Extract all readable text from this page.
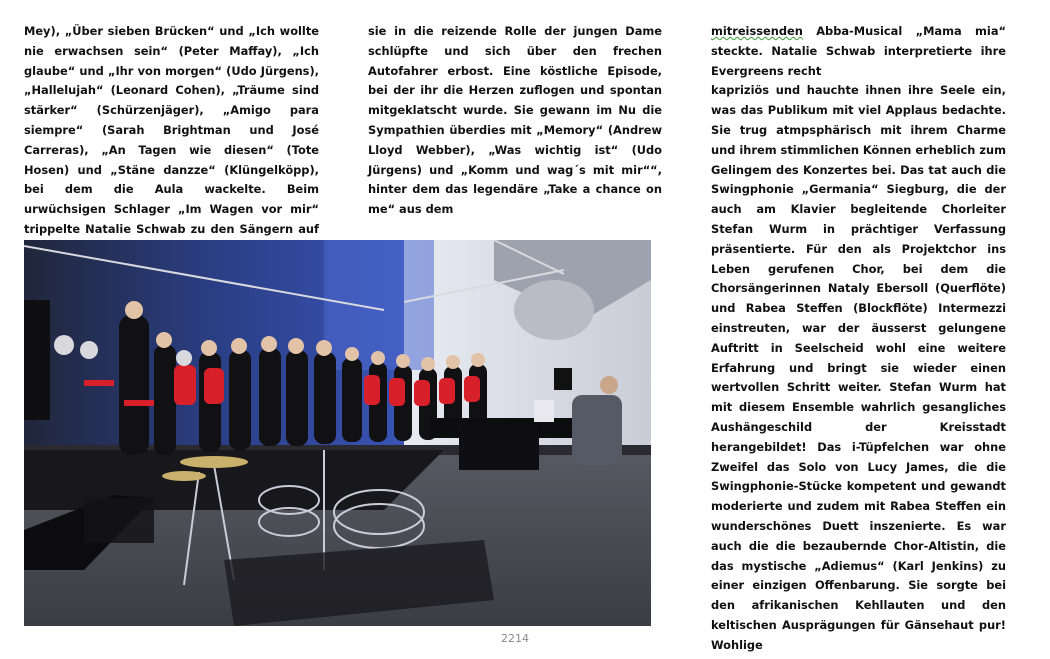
Mey), „Über sieben Brücken“ und „Ich wollte nie erwachsen sein“ (Peter Maffay), „Ich glaube“ und „Ihr von morgen“ (Udo Jürgens), „Hallelujah“ (Leonard Cohen), „Träume sind stärker“ (Schürzenjäger), „Amigo para siempre“ (Sarah Brightman und José Carreras), „An Tagen wie diesen“ (Tote Hosen) und „Stäne danzze“ (Klüngelköpp), bei dem die Aula wackelte. Beim urwüchsigen Schlager „Im Wagen vor mir“ trippelte Natalie Schwab zu den Sängern auf

sie in die reizende Rolle der jungen Dame schlüpfte und sich über den frechen Autofahrer erbost. Eine köstliche Episode, bei der ihr die Herzen zuflogen und spontan mitgeklatscht wurde. Sie gewann im Nu die Sympathien überdies mit „Memory“ (Andrew Lloyd Webber), „Was wichtig ist“ (Udo Jürgens) und „Komm und wag´s mit mir““, hinter dem das legendäre „Take a chance on me“ aus dem

mitreissenden Abba-Musical „Mama mia“ steckte. Natalie Schwab interpretierte ihre Evergreens recht

kapriziös und hauchte ihnen ihre Seele ein, was das Publikum mit viel Applaus bedachte. Sie trug atmpsphärisch mit ihrem Charme und ihrem stimmlichen Können erheblich zum Gelingem des Konzertes bei. Das tat auch die Swingphonie „Germania“ Siegburg, die der auch am Klavier begleitende Chorleiter Stefan Wurm in prächtiger Verfassung präsentierte. Für den als Projektchor ins Leben gerufenen Chor, bei dem die Chorsängerinnen Nataly Ebersoll (Querflöte) und Rabea Steffen (Blockflöte) Intermezzi einstreuten, war der äusserst gelungene Auftritt in Seelscheid wohl eine weitere Erfahrung und bringt sie wieder einen wertvollen Schritt weiter. Stefan Wurm hat mit diesem Ensemble wahrlich gesangliches Aushängeschild der Kreisstadt herangebildet! Das i-Tüpfelchen war ohne Zweifel das Solo von Lucy James, die die Swingphonie-Stücke kompetent und gewandt moderierte und zudem mit Rabea Steffen ein wunderschönes Duett inszenierte. Es war auch die die bezaubernde Chor-Altistin, die das mystische „Adiemus“ (Karl Jenkins) zu einer einzigen Offenbarung. Sie sorgte bei den afrikanischen Kehllauten und den keltischen Ausprägungen für Gänsehaut pur! Wohlige

2214
